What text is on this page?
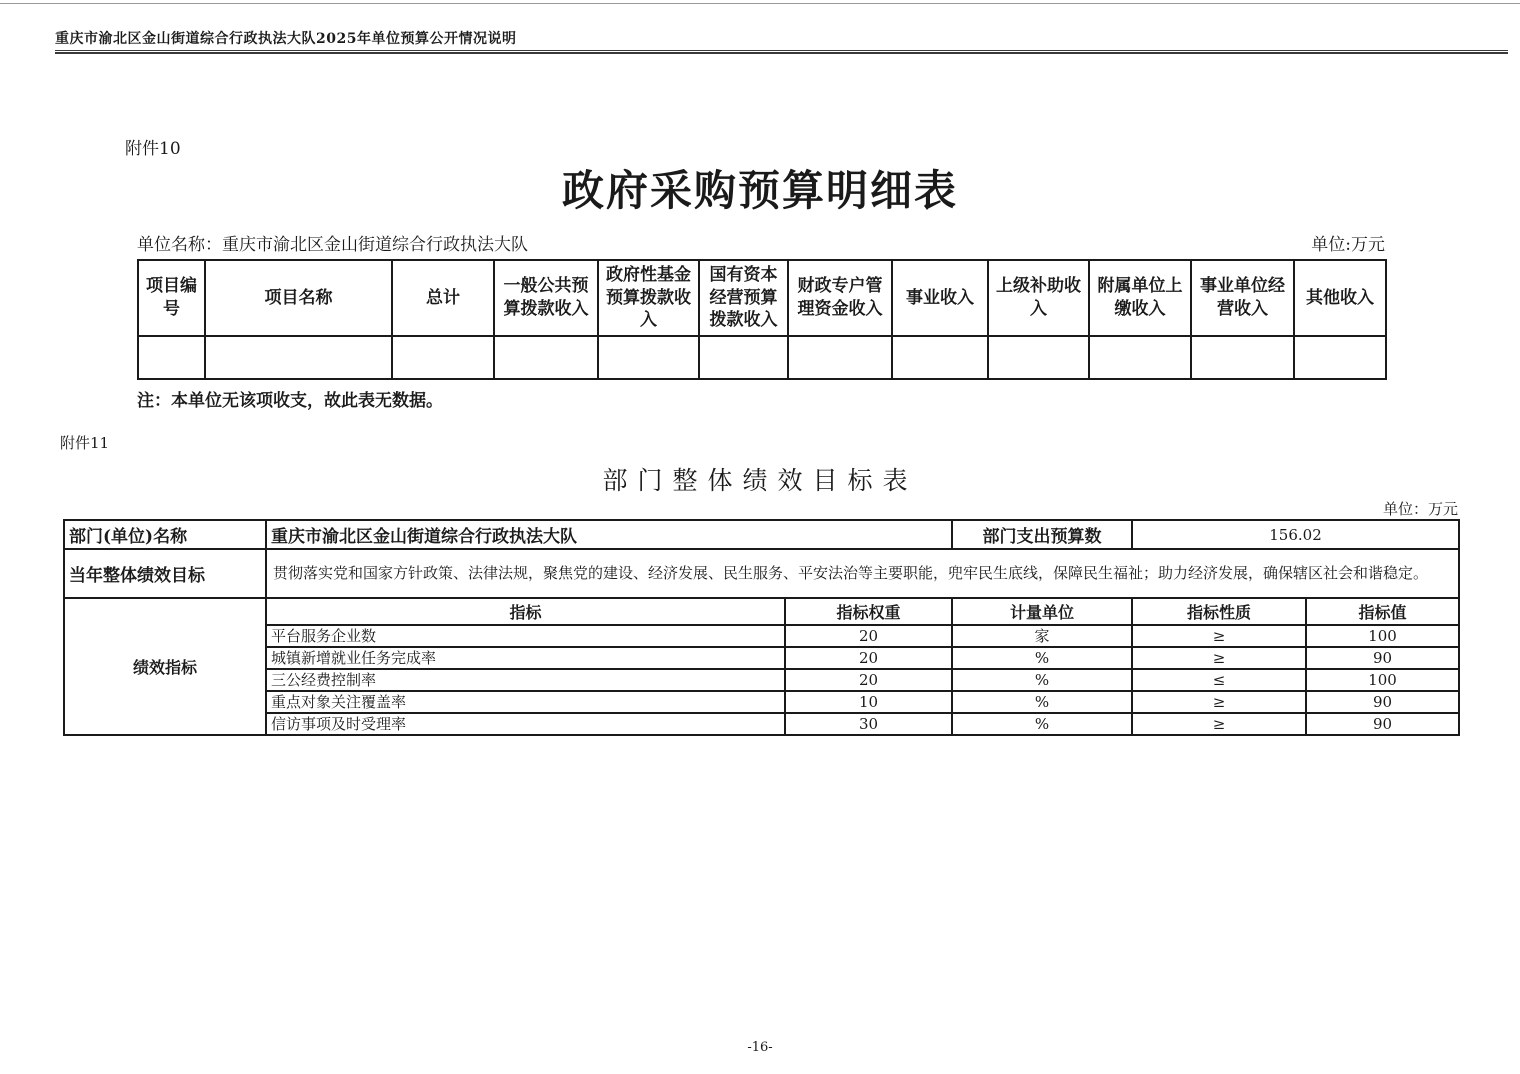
重庆市渝北区金山街道综合行政执法大队2025年单位预算公开情况说明
附件10
政府采购预算明细表
单位名称：重庆市渝北区金山街道综合行政执法大队	单位:万元
项目编号	项目名称	总计	一般公共预算拨款收入	政府性基金预算拨款收入	国有资本经营预算拨款收入	财政专户管理资金收入	事业收入	上级补助收入	附属单位上缴收入	事业单位经营收入	其他收入

注：本单位无该项收支，故此表无数据。
附件11
部门整体绩效目标表
单位：万元
部门(单位)名称	重庆市渝北区金山街道综合行政执法大队		部门支出预算数	156.02	
当年整体绩效目标	贯彻落实党和国家方针政策、法律法规，聚焦党的建设、经济发展、民生服务、平安法治等主要职能，兜牢民生底线，保障民生福祉；助力经济发展，确保辖区社会和谐稳定。				
绩效指标	指标	指标权重	计量单位	指标性质	指标值
	平台服务企业数	20	家	≥	100
	城镇新增就业任务完成率	20	%	≥	90
	三公经费控制率	20	%	≤	100
	重点对象关注覆盖率	10	%	≥	90
	信访事项及时受理率	30	%	≥	90
-16-
